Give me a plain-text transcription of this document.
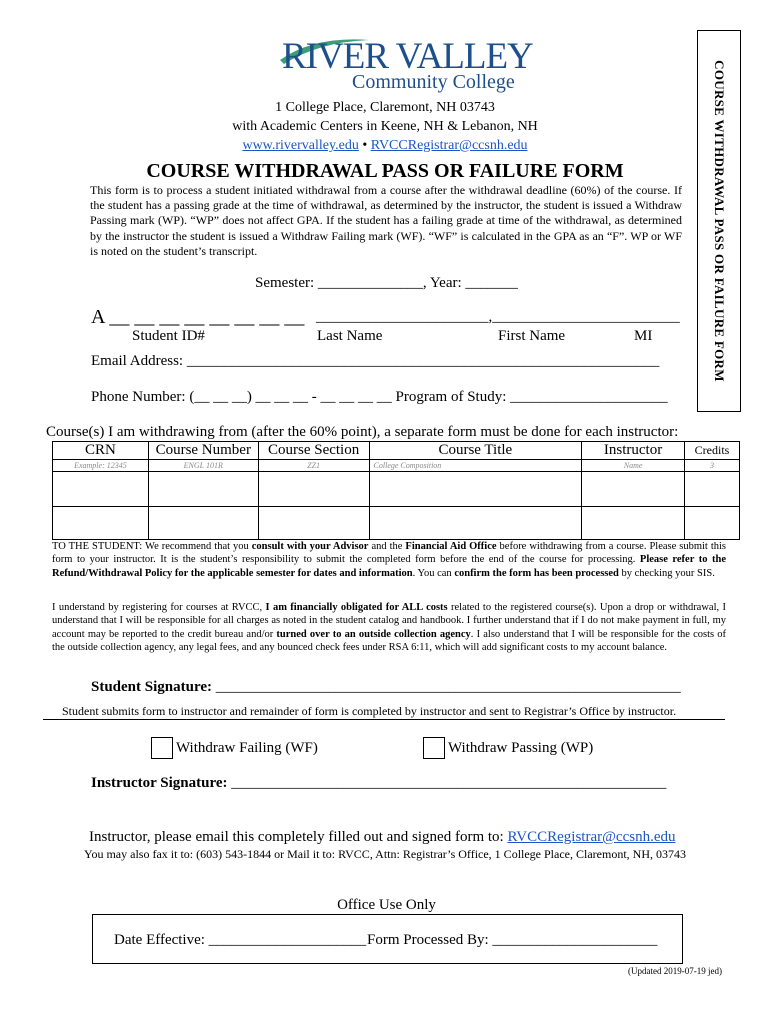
RIVER VALLEY
Community College
1 College Place, Claremont, NH 03743
with Academic Centers in Keene, NH & Lebanon, NH
www.rivervalley.edu • RVCCRegistrar@ccsnh.edu
COURSE WITHDRAWAL PASS OR FAILURE FORM
This form is to process a student initiated withdrawal from a course after the withdrawal deadline (60%) of the course. If the student has a passing grade at the time of withdrawal, as determined by the instructor, the student is issued a Withdraw Passing mark (WP). “WP” does not affect GPA. If the student has a failing grade at time of the withdrawal, as determined by the instructor the student is issued a Withdraw Failing mark (WF). “WF” is calculated in the GPA as an “F”. WP or WF is noted on the student’s transcript.	COURSE WITHDRAWAL PASS OR FAILURE FORM
Semester: ______________, Year: _______
A __ __ __ __ __ __ __ __ _______________________,_________________________
Student ID#	Last Name	First Name	MI
Email Address: _______________________________________________________________
Phone Number: (__ __ __) __ __ __ - __ __ __ __ Program of Study: _____________________
Course(s) I am withdrawing from (after the 60% point), a separate form must be done for each instructor:
CRN	Course Number	Course Section	Course Title	Instructor	Credits
Example: 12345	ENGL 101R	ZZ1	College Composition	Name	3

TO THE STUDENT: We recommend that you consult with your Advisor and the Financial Aid Office before withdrawing from a course. Please submit this form to your instructor. It is the student’s responsibility to submit the completed form before the end of the course for processing. Please refer to the Refund/Withdrawal Policy for the applicable semester for dates and information. You can confirm the form has been processed by checking your SIS.
I understand by registering for courses at RVCC, I am financially obligated for ALL costs related to the registered course(s). Upon a drop or withdrawal, I understand that I will be responsible for all charges as noted in the student catalog and handbook. I further understand that if I do not make payment in full, my account may be reported to the credit bureau and/or turned over to an outside collection agency. I also understand that I will be responsible for the costs of the outside collection agency, any legal fees, and any bounced check fees under RSA 6:11, which will add significant costs to my account balance.
Student Signature: ______________________________________________________________
Student submits form to instructor and remainder of form is completed by instructor and sent to Registrar’s Office by instructor.
Withdraw Failing (WF)	Withdraw Passing (WP)
Instructor Signature: __________________________________________________________
Instructor, please email this completely filled out and signed form to: RVCCRegistrar@ccsnh.edu
You may also fax it to: (603) 543-1844 or Mail it to: RVCC, Attn: Registrar’s Office, 1 College Place, Claremont, NH, 03743
Office Use Only
Date Effective: _____________________ Form Processed By: ______________________
(Updated 2019-07-19 jed)
